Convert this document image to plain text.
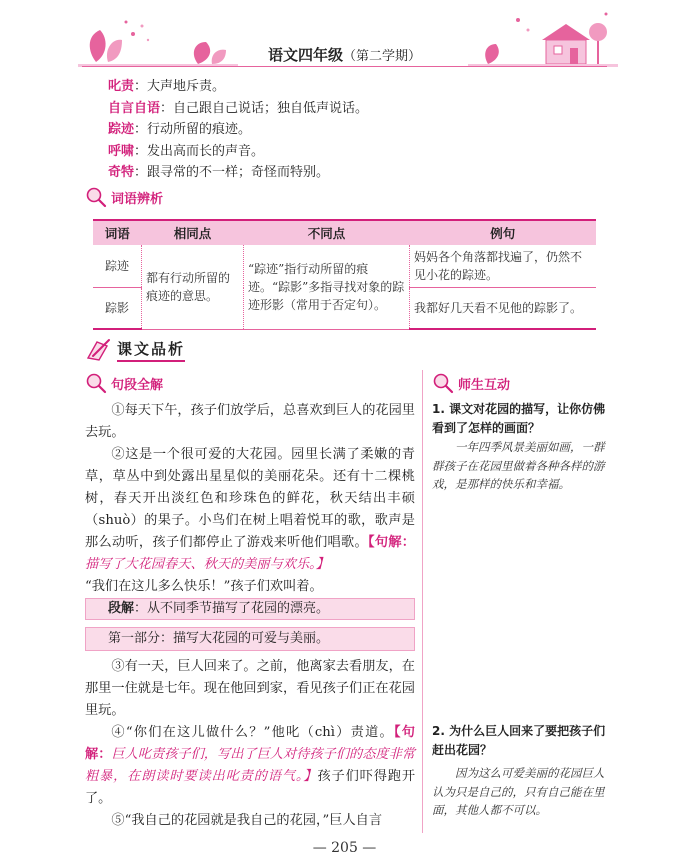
语文四年级（第二学期）
叱责：大声地斥责。
自言自语：自己跟自己说话；独自低声说话。
踪迹：行动所留的痕迹。
呼啸：发出高而长的声音。
奇特：跟寻常的不一样；奇怪而特别。
词语辨析
词语	相同点	不同点	例句
踪迹	都有行动所留的痕迹的意思。	“踪迹”指行动所留的痕迹。“踪影”多指寻找对象的踪迹形影（常用于否定句）。	妈妈各个角落都找遍了，仍然不见小花的踪迹。
踪影			我都好几天看不见他的踪影了。
课文品析
句段全解	师生互动

①每天下午，孩子们放学后，总喜欢到巨人的花园里去玩。

②这是一个很可爱的大花园。园里长满了柔嫩的青草，草丛中到处露出星星似的美丽花朵。还有十二棵桃树，春天开出淡红色和珍珠色的鲜花，秋天结出丰硕（shuò）的果子。小鸟们在树上唱着悦耳的歌，歌声是那么动听，孩子们都停止了游戏来听他们唱歌。【句解：描写了大花园春天、秋天的美丽与欢乐。】

“我们在这儿多么快乐！”孩子们欢叫着。

段解：从不同季节描写了花园的漂亮。
第一部分：描写大花园的可爱与美丽。

③有一天，巨人回来了。之前，他离家去看朋友，在那里一住就是七年。现在他回到家，看见孩子们正在花园里玩。

④“你们在这儿做什么？”他叱（chì）责道。【句解：巨人叱责孩子们，写出了巨人对待孩子们的态度非常粗暴，在朗读时要读出叱责的语气。】孩子们吓得跑开了。

⑤“我自己的花园就是我自己的花园，”巨人自言

1. 课文对花园的描写，让你仿佛看到了怎样的画面？
一年四季风景美丽如画，一群群孩子在花园里做着各种各样的游戏，是那样的快乐和幸福。
2. 为什么巨人回来了要把孩子们赶出花园？
因为这么可爱美丽的花园巨人认为只是自己的，只有自己能在里面，其他人都不可以。
— 205 —
